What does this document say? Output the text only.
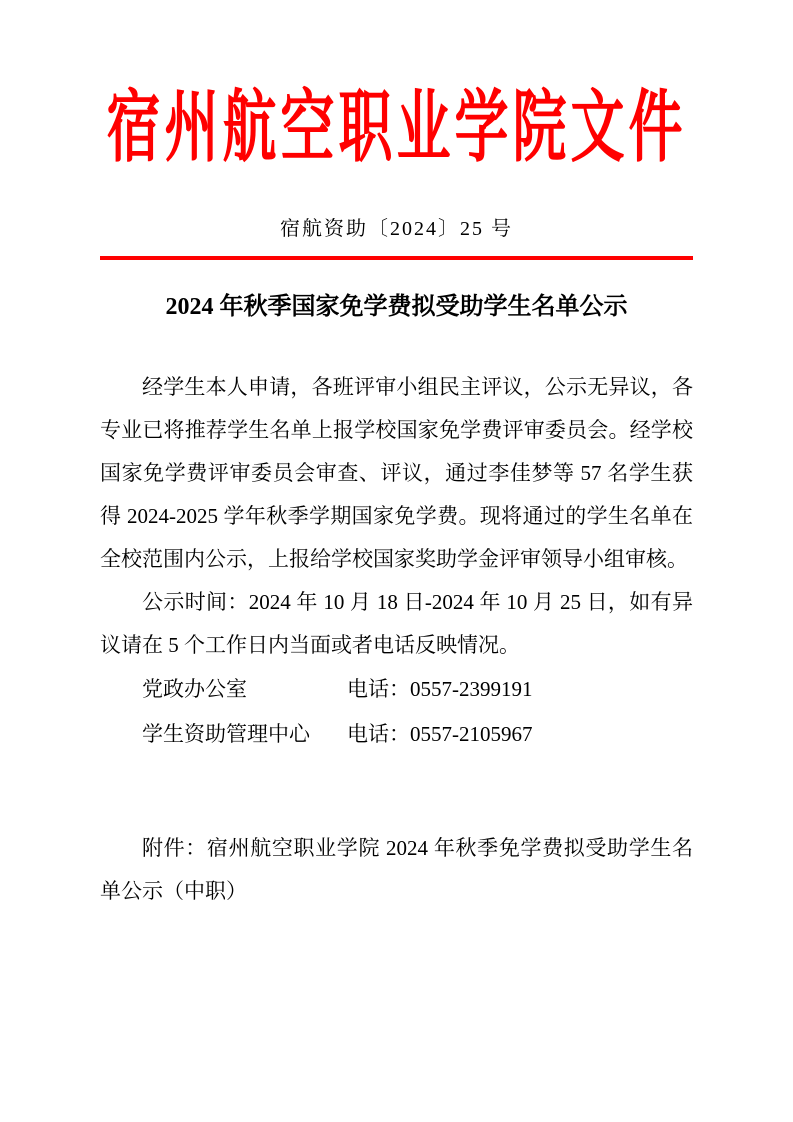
宿州航空职业学院文件
宿航资助〔2024〕25 号
2024 年秋季国家免学费拟受助学生名单公示

经学生本人申请，各班评审小组民主评议，公示无异议，各专业已将推荐学生名单上报学校国家免学费评审委员会。经学校国家免学费评审委员会审查、评议，通过李佳梦等 57 名学生获得 2024-2025 学年秋季学期国家免学费。现将通过的学生名单在全校范围内公示，上报给学校国家奖助学金评审领导小组审核。

公示时间：2024 年 10 月 18 日-2024 年 10 月 25 日，如有异议请在 5 个工作日内当面或者电话反映情况。

党政办公室	电话：0557-2399191
学生资助管理中心	电话：0557-2105967

附件：宿州航空职业学院 2024 年秋季免学费拟受助学生名单公示（中职）
